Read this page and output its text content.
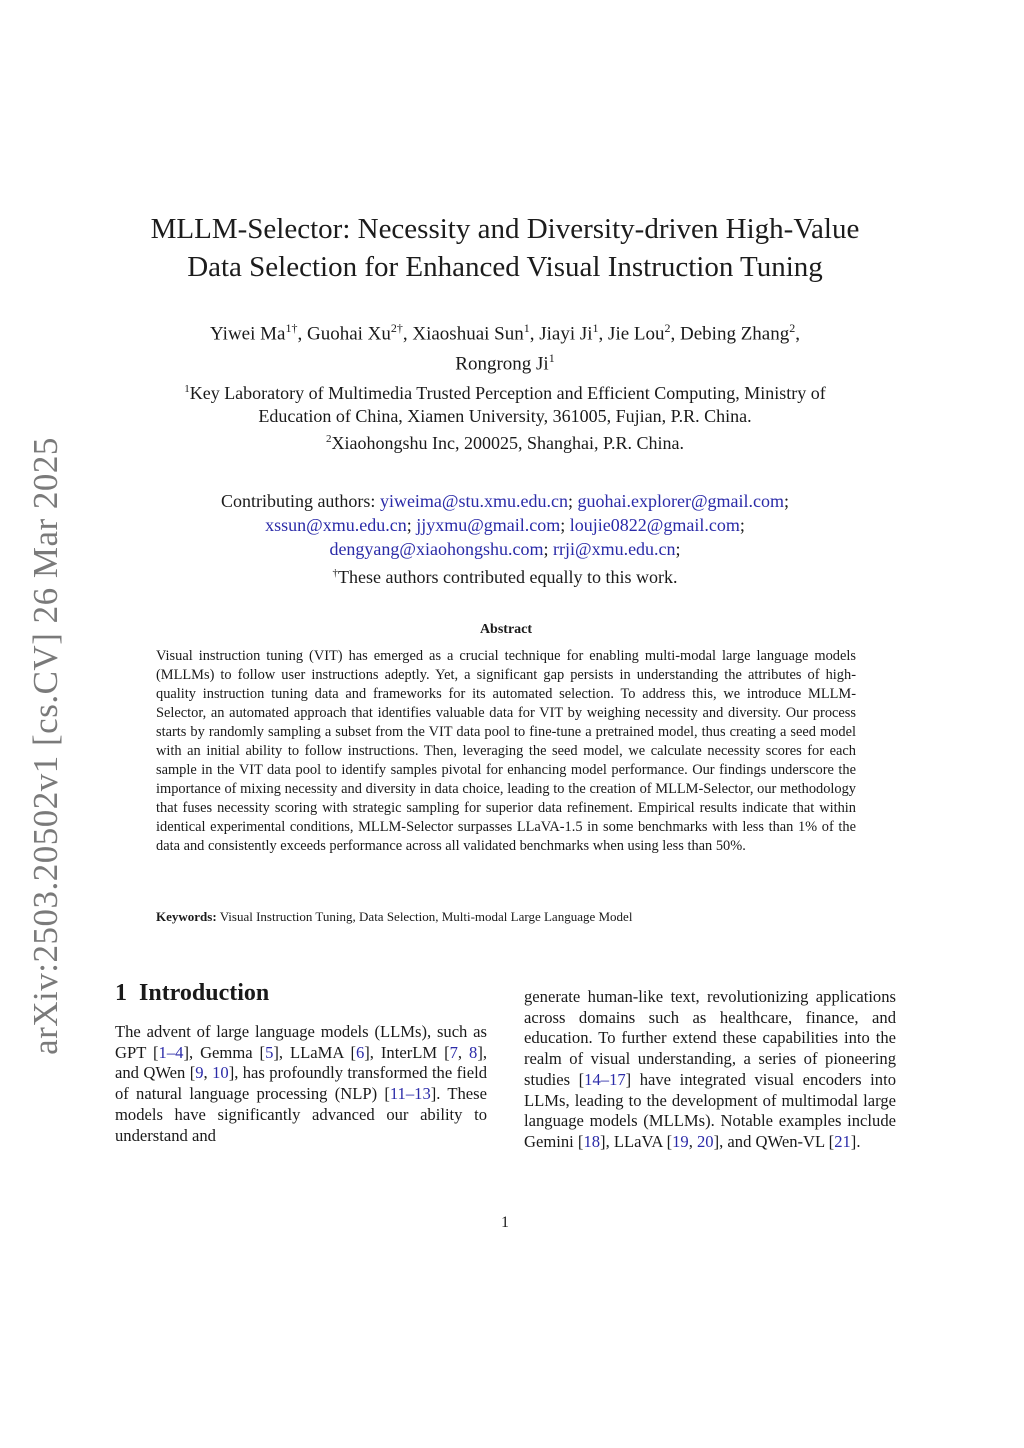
arXiv:2503.20502v1 [cs.CV] 26 Mar 2025
MLLM-Selector: Necessity and Diversity-driven High-Value
Data Selection for Enhanced Visual Instruction Tuning
Yiwei $Ma^{1\dagger}$, Guohai $Xu^{2\dagger}$, Xiaoshuai Sun$^1$, Jiayi Ji$^1$, Jie Lou$^2$, Debing Zhang$^2$,
Rongrong Ji$^1$
$^1$Key Laboratory of Multimedia Trusted Perception and Efficient Computing, Ministry of
Education of China, Xiamen University, 361005, Fujian, P.R. China.
$^2$Xiaohongshu Inc, 200025, Shanghai, P.R. China.
Contributing authors: yiweima@stu.xmu.edu.cn; guohai.explorer@gmail.com;
xssun@xmu.edu.cn; jjyxmu@gmail.com; loujie0822@gmail.com;
dengyang@xiaohongshu.com; rrji@xmu.edu.cn;
†These authors contributed equally to this work.
Abstract
Visual instruction tuning (VIT) has emerged as a crucial technique for enabling multi-modal large language models (MLLMs) to follow user instructions adeptly. Yet, a significant gap persists in understanding the attributes of high-quality instruction tuning data and frameworks for its automated selection. To address this, we introduce MLLM-Selector, an automated approach that identifies valuable data for VIT by weighing necessity and diversity. Our process starts by randomly sampling a subset from the VIT data pool to fine-tune a pretrained model, thus creating a seed model with an initial ability to follow instructions. Then, leveraging the seed model, we calculate necessity scores for each sample in the VIT data pool to identify samples pivotal for enhancing model performance. Our findings underscore the importance of mixing necessity and diversity in data choice, leading to the creation of MLLM-Selector, our methodology that fuses necessity scoring with strategic sampling for superior data refinement. Empirical results indicate that within identical experimental conditions, MLLM-Selector surpasses LLaVA-1.5 in some benchmarks with less than 1% of the data and consistently exceeds performance across all validated benchmarks when using less than 50%.
Keywords: Visual Instruction Tuning, Data Selection, Multi-modal Large Language Model
1 Introduction
The advent of large language models (LLMs), such as GPT [1–4], Gemma [5], LLaMA [6], InterLM [7, 8], and QWen [9, 10], has profoundly transformed the field of natural language processing (NLP) [11–13]. These models have significantly advanced our ability to understand and
generate human-like text, revolutionizing applications across domains such as healthcare, finance, and education. To further extend these capabilities into the realm of visual understanding, a series of pioneering studies [14–17] have integrated visual encoders into LLMs, leading to the development of multimodal large language models (MLLMs). Notable examples include Gemini [18], LLaVA [19, 20], and QWen-VL [21].
1
